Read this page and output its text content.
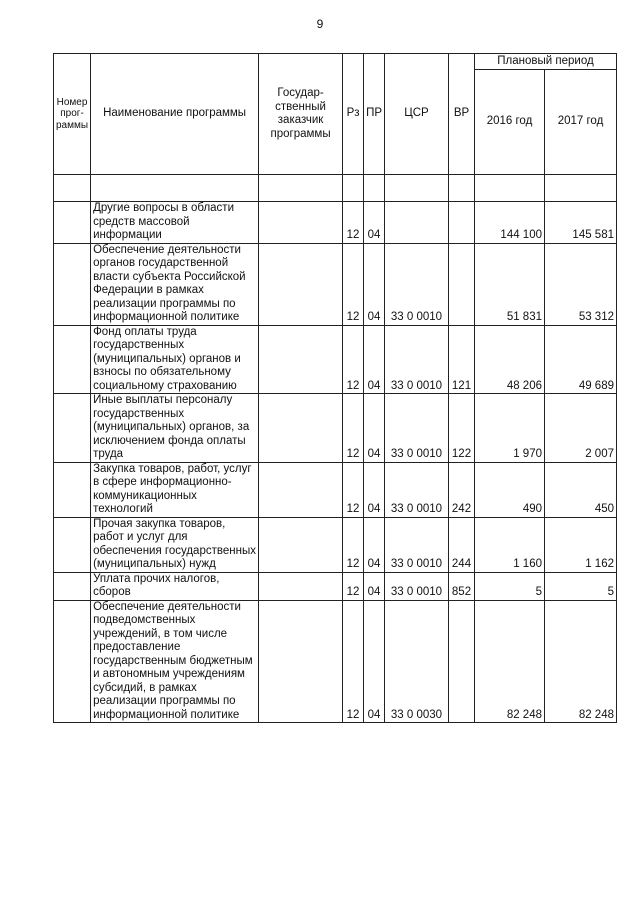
9
Номер прог-раммы	Наименование программы	Государ-ственный заказчик программы	Рз	ПР	ЦСР	ВР	Плановый период	
							2016 год	2017 год

	Другие вопросы в области средств массовой информации		12	04			144 100	145 581
	Обеспечение деятельности органов государственной власти субъекта Российской Федерации в рамках реализации программы по информационной политике		12	04	33 0 0010		51 831	53 312
	Фонд оплаты труда государственных (муниципальных) органов и взносы по обязательному социальному страхованию		12	04	33 0 0010	121	48 206	49 689
	Иные выплаты персоналу государственных (муниципальных) органов, за исключением фонда оплаты труда		12	04	33 0 0010	122	1 970	2 007
	Закупка товаров, работ, услуг в сфере информационно-коммуникационных технологий		12	04	33 0 0010	242	490	450
	Прочая закупка товаров, работ и услуг для обеспечения государственных (муниципальных) нужд		12	04	33 0 0010	244	1 160	1 162
	Уплата прочих налогов, сборов		12	04	33 0 0010	852	5	5
	Обеспечение деятельности подведомственных учреждений, в том числе предоставление государственным бюджетным и автономным учреждениям субсидий, в рамках реализации программы по информационной политике		12	04	33 0 0030		82 248	82 248
